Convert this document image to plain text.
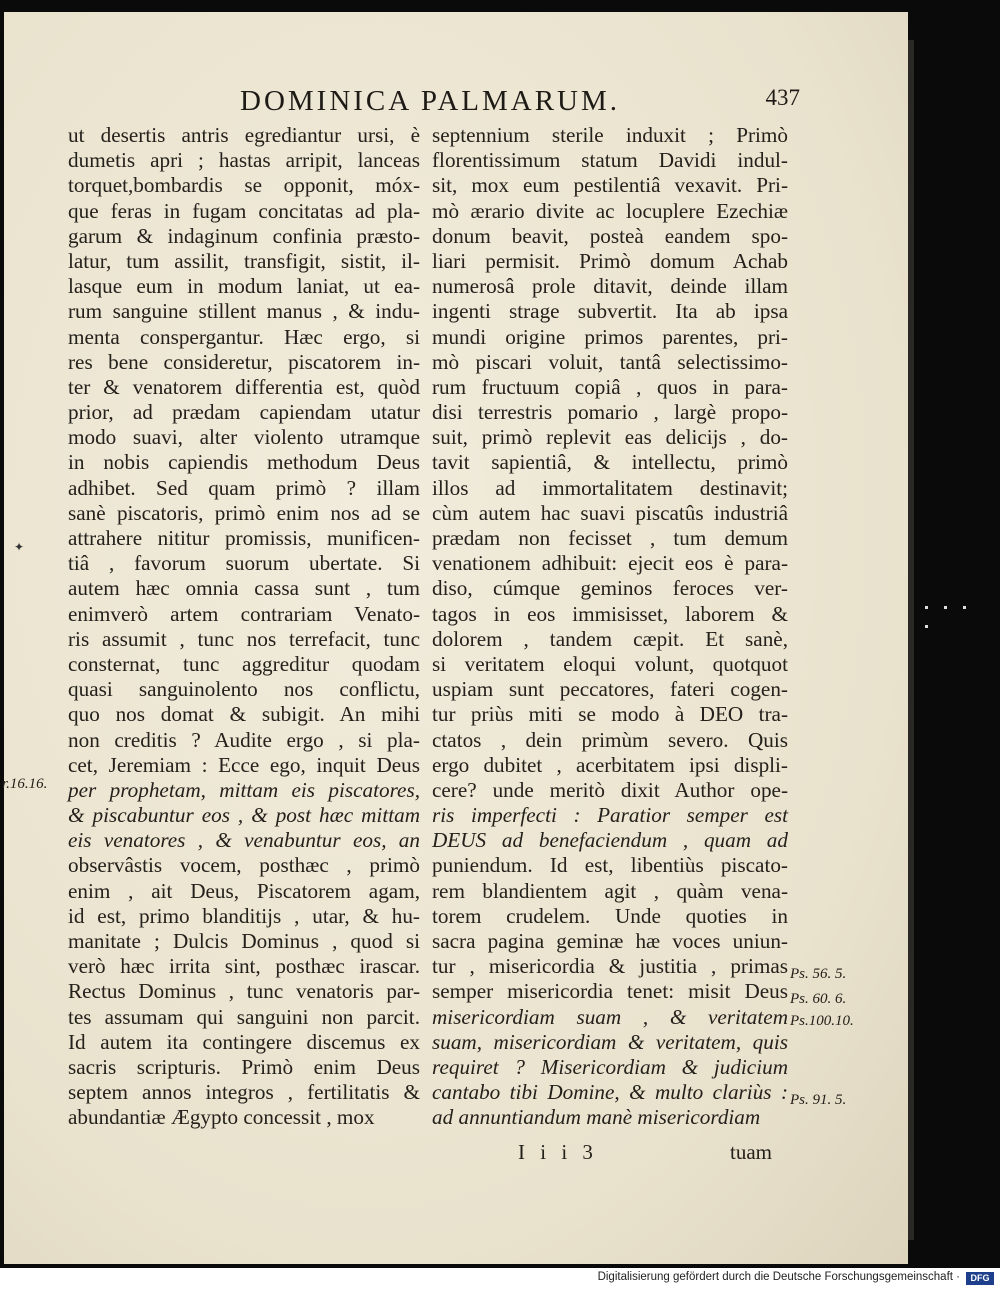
DOMINICA PALMARUM.	437
ut desertis antris egrediantur ursi, è
dumetis apri ; hastas arripit, lanceas
torquet,bombardis se opponit, móx-
que feras in fugam concitatas ad pla-
garum & indaginum confinia præsto-
latur, tum assilit, transfigit, sistit, il-
lasque eum in modum laniat, ut ea-
rum sanguine stillent manus , & indu-
menta conspergantur. Hæc ergo, si
res bene consideretur, piscatorem in-
ter & venatorem differentia est, quòd
prior, ad prædam capiendam utatur
modo suavi, alter violento utramque
in nobis capiendis methodum Deus
adhibet. Sed quam primò ? illam
sanè piscatoris, primò enim nos ad se
attrahere nititur promissis, munificen-
tiâ , favorum suorum ubertate. Si
autem hæc omnia cassa sunt , tum
enimverò artem contrariam Venato-
ris assumit , tunc nos terrefacit, tunc
consternat, tunc aggreditur quodam
quasi sanguinolento nos conflictu,
quo nos domat & subigit. An mihi
non creditis ? Audite ergo , si pla-
cet, Jeremiam : Ecce ego, inquit Deus
per prophetam, mittam eis piscatores,
& piscabuntur eos , & post hæc mittam
eis venatores , & venabuntur eos, an
observâstis vocem, posthæc , primò
enim , ait Deus, Piscatorem agam,
id est, primo blanditijs , utar, & hu-
manitate ; Dulcis Dominus , quod si
verò hæc irrita sint, posthæc irascar.
Rectus Dominus , tunc venatoris par-
tes assumam qui sanguini non parcit.
Id autem ita contingere discemus ex
sacris scripturis. Primò enim Deus
septem annos integros , fertilitatis &
abundantiæ Ægypto concessit , mox
septennium sterile induxit ; Primò
florentissimum statum Davidi indul-
sit, mox eum pestilentiâ vexavit. Pri-
mò ærario divite ac locuplere Ezechiæ
donum beavit, posteà eandem spo-
liari permisit. Primò domum Achab
numerosâ prole ditavit, deinde illam
ingenti strage subvertit. Ita ab ipsa
mundi origine primos parentes, pri-
mò piscari voluit, tantâ selectissimo-
rum fructuum copiâ , quos in para-
disi terrestris pomario , largè propo-
suit, primò replevit eas delicijs , do-
tavit sapientiâ, & intellectu, primò
illos ad immortalitatem destinavit;
cùm autem hac suavi piscatûs industriâ
prædam non fecisset , tum demum
venationem adhibuit: ejecit eos è para-
diso, cúmque geminos feroces ver-
tagos in eos immisisset, laborem &
dolorem , tandem cæpit. Et sanè,
si veritatem eloqui volunt, quotquot
uspiam sunt peccatores, fateri cogen-
tur priùs miti se modo à DEO tra-
ctatos , dein primùm severo. Quis
ergo dubitet , acerbitatem ipsi displi-
cere? unde meritò dixit Author ope-
ris imperfecti : Paratior semper est
DEUS ad benefaciendum , quam ad
puniendum. Id est, libentiùs piscato-
rem blandientem agit , quàm vena-
torem crudelem. Unde quoties in
sacra pagina geminæ hæ voces uniun-
tur , misericordia & justitia , primas
semper misericordia tenet: misit Deus
misericordiam suam , & veritatem
suam, misericordiam & veritatem, quis
requiret ? Misericordiam & judicium
cantabo tibi Domine, & multo clariùs :
ad annuntiandum manè misericordiam
✦
r.16.16.
Ps. 56. 5.
Ps. 60. 6.
Ps.100.10.
Ps. 91. 5.
I i i 3	tuam
Digitalisierung gefördert durch die Deutsche Forschungsgemeinschaft ·	DFG
